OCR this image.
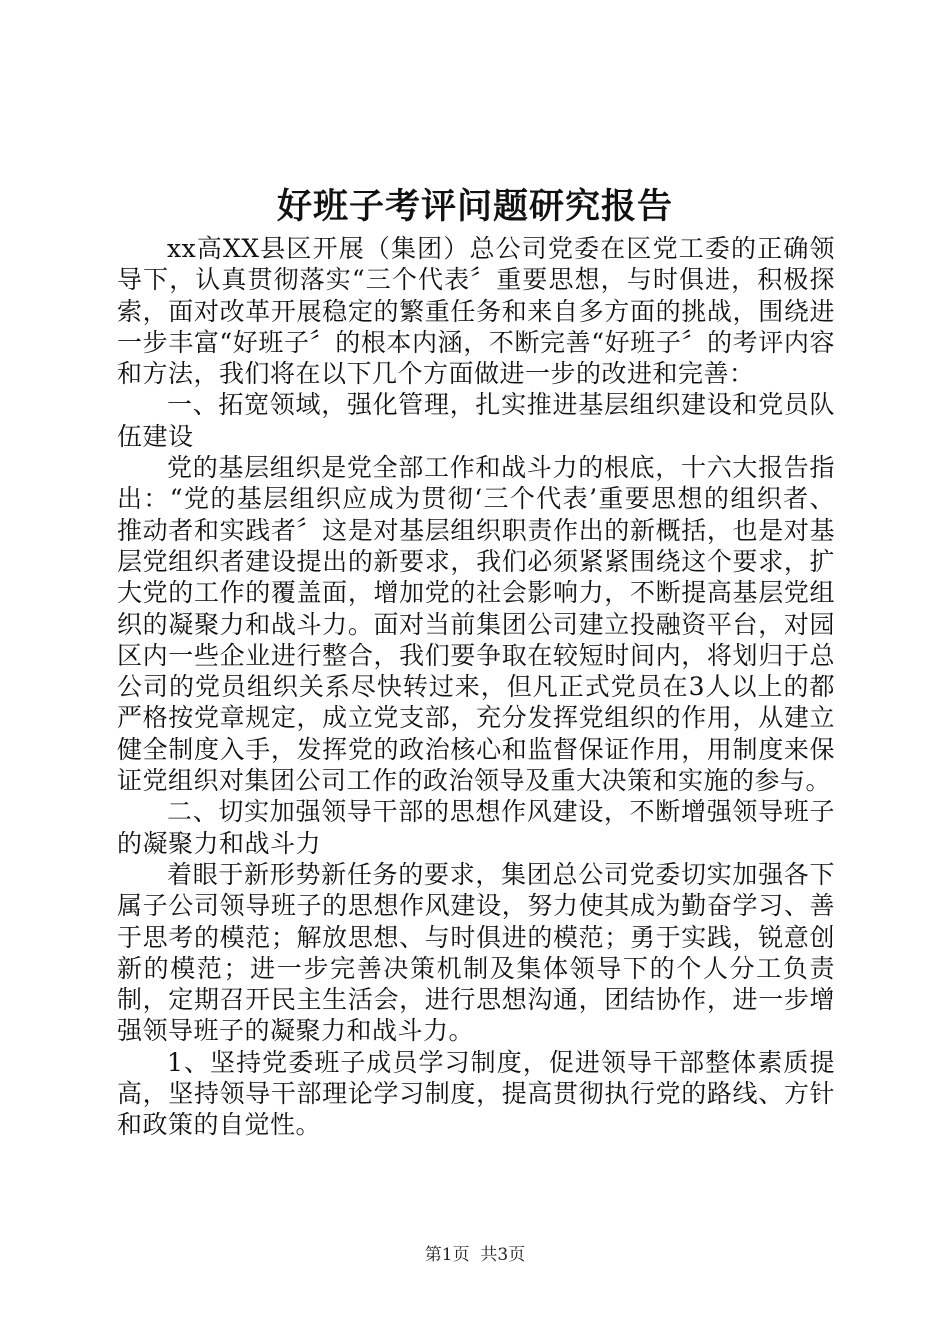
好班子考评问题研究报告

xx高XX县区开展（集团）总公司党委在区党工委的正确领导下，认真贯彻落实“三个代表〞重要思想，与时俱进，积极探索，面对改革开展稳定的繁重任务和来自多方面的挑战，围绕进一步丰富“好班子〞的根本内涵，不断完善“好班子〞的考评内容和方法，我们将在以下几个方面做进一步的改进和完善：

一、拓宽领域，强化管理，扎实推进基层组织建设和党员队伍建设

党的基层组织是党全部工作和战斗力的根底，十六大报告指出：“党的基层组织应成为贯彻‘三个代表’重要思想的组织者、推动者和实践者〞这是对基层组织职责作出的新概括，也是对基层党组织者建设提出的新要求，我们必须紧紧围绕这个要求，扩大党的工作的覆盖面，增加党的社会影响力，不断提高基层党组织的凝聚力和战斗力。面对当前集团公司建立投融资平台，对园区内一些企业进行整合，我们要争取在较短时间内，将划归于总公司的党员组织关系尽快转过来，但凡正式党员在3人以上的都严格按党章规定，成立党支部，充分发挥党组织的作用，从建立健全制度入手，发挥党的政治核心和监督保证作用，用制度来保证党组织对集团公司工作的政治领导及重大决策和实施的参与。

二、切实加强领导干部的思想作风建设，不断增强领导班子的凝聚力和战斗力

着眼于新形势新任务的要求，集团总公司党委切实加强各下属子公司领导班子的思想作风建设，努力使其成为勤奋学习、善于思考的模范；解放思想、与时俱进的模范；勇于实践，锐意创新的模范；进一步完善决策机制及集体领导下的个人分工负责制，定期召开民主生活会，进行思想沟通，团结协作，进一步增强领导班子的凝聚力和战斗力。

1、坚持党委班子成员学习制度，促进领导干部整体素质提高，坚持领导干部理论学习制度，提高贯彻执行党的路线、方针和政策的自觉性。

第1页 共3页
